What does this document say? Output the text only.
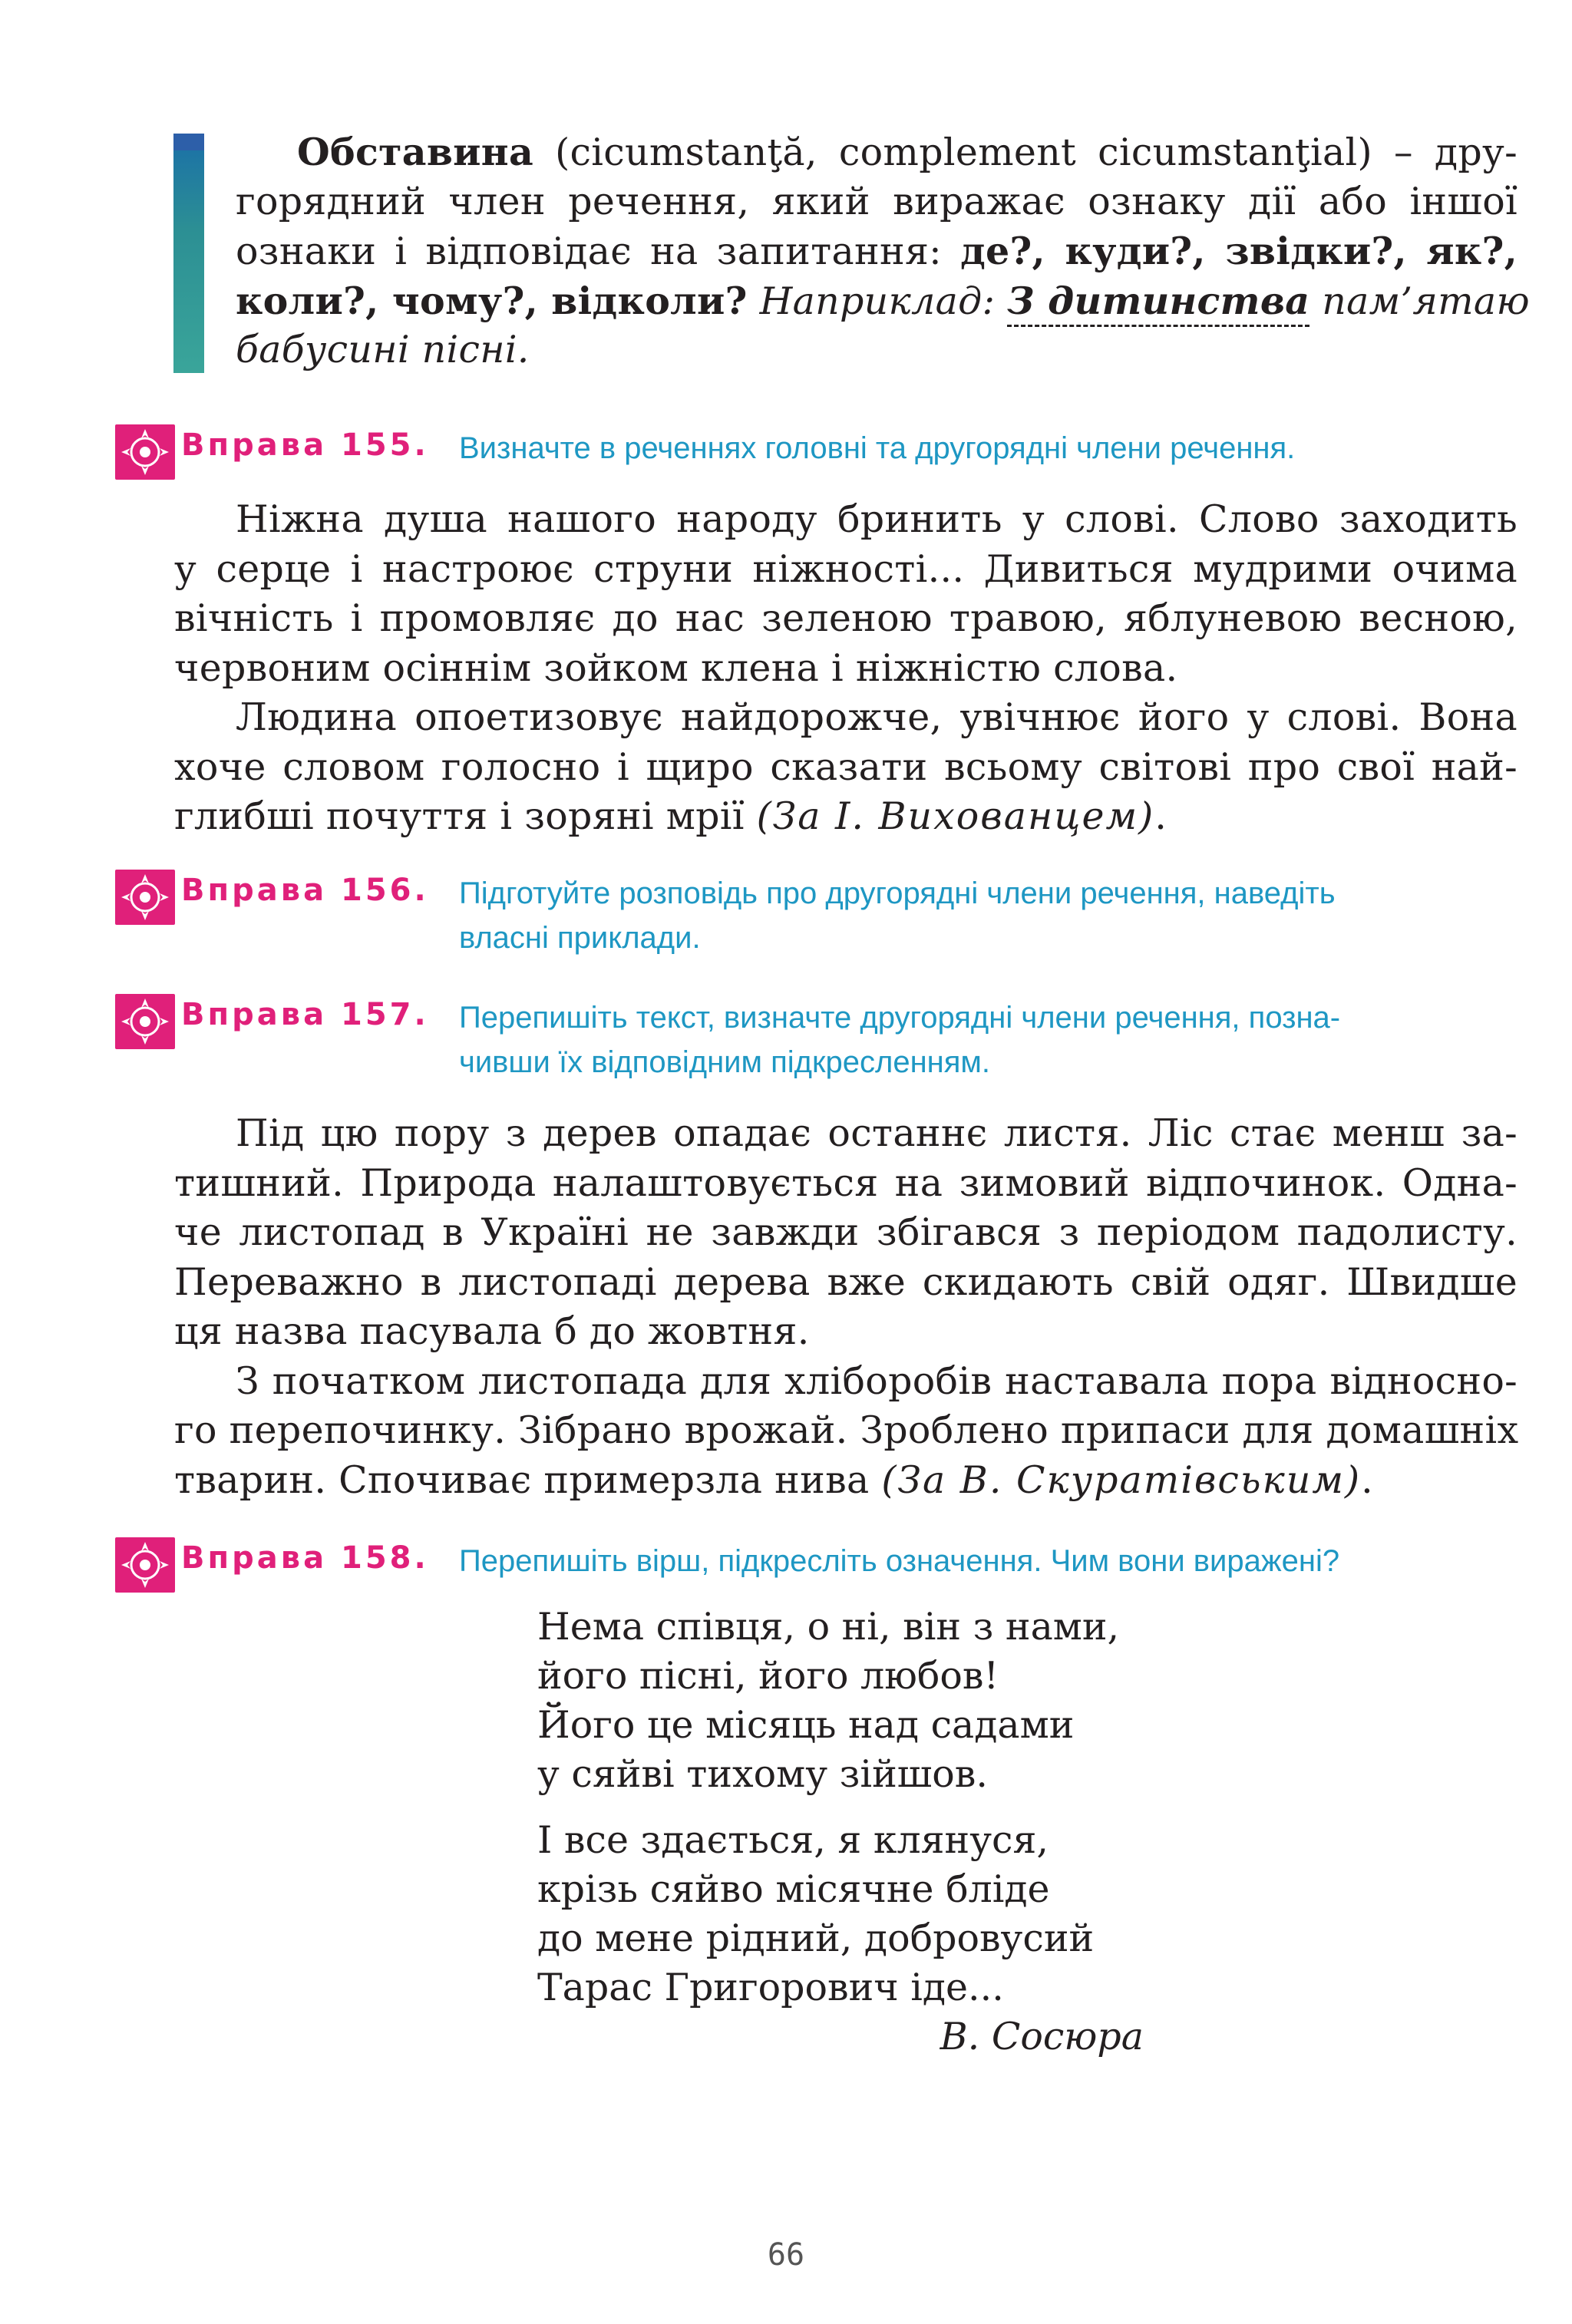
Обставина (cicumstanţă, complement cicumstanţial) – дру-
горядний член речення, який виражає ознаку дії або іншої
ознаки і відповідає на запитання: де?, куди?, звідки?, як?,
коли?, чому?, відколи? Наприклад: З дитинства пам’ятаю
бабусині пісні.
Вправа 155. Визначте в реченнях головні та другорядні члени речення.
Ніжна душа нашого народу бринить у слові. Слово заходить
у серце і настроює струни ніжності... Дивиться мудрими очима
вічність і промовляє до нас зеленою травою, яблуневою весною,
червоним осіннім зойком клена і ніжністю слова.
Людина опоетизовує найдорожче, увічнює його у слові. Вона
хоче словом голосно і щиро сказати всьому світові про свої най-
глибші почуття і зоряні мрії (За І. Вихованцем).
Вправа 156. Підготуйте розповідь про другорядні члени речення, наведіть
власні приклади.
Вправа 157. Перепишіть текст, визначте другорядні члени речення, позна-
чивши їх відповідним підкресленням.
Під цю пору з дерев опадає останнє листя. Ліс стає менш за-
тишний. Природа налаштовується на зимовий відпочинок. Одна-
че листопад в Україні не завжди збігався з періодом падолисту.
Переважно в листопаді дерева вже скидають свій одяг. Швидше
ця назва пасувала б до жовтня.
З початком листопада для хліборобів наставала пора відносно-
го перепочинку. Зібрано врожай. Зроблено припаси для домашніх
тварин. Спочиває примерзла нива (За В. Скуратівським).
Вправа 158. Перепишіть вірш, підкресліть означення. Чим вони виражені?
Нема співця, о ні, він з нами,
його пісні, його любов!
Його це місяць над садами
у сяйві тихому зійшов.
І все здається, я клянуся,
крізь сяйво місячне бліде
до мене рідний, добровусий
Тарас Григорович іде...
В. Сосюра
66
